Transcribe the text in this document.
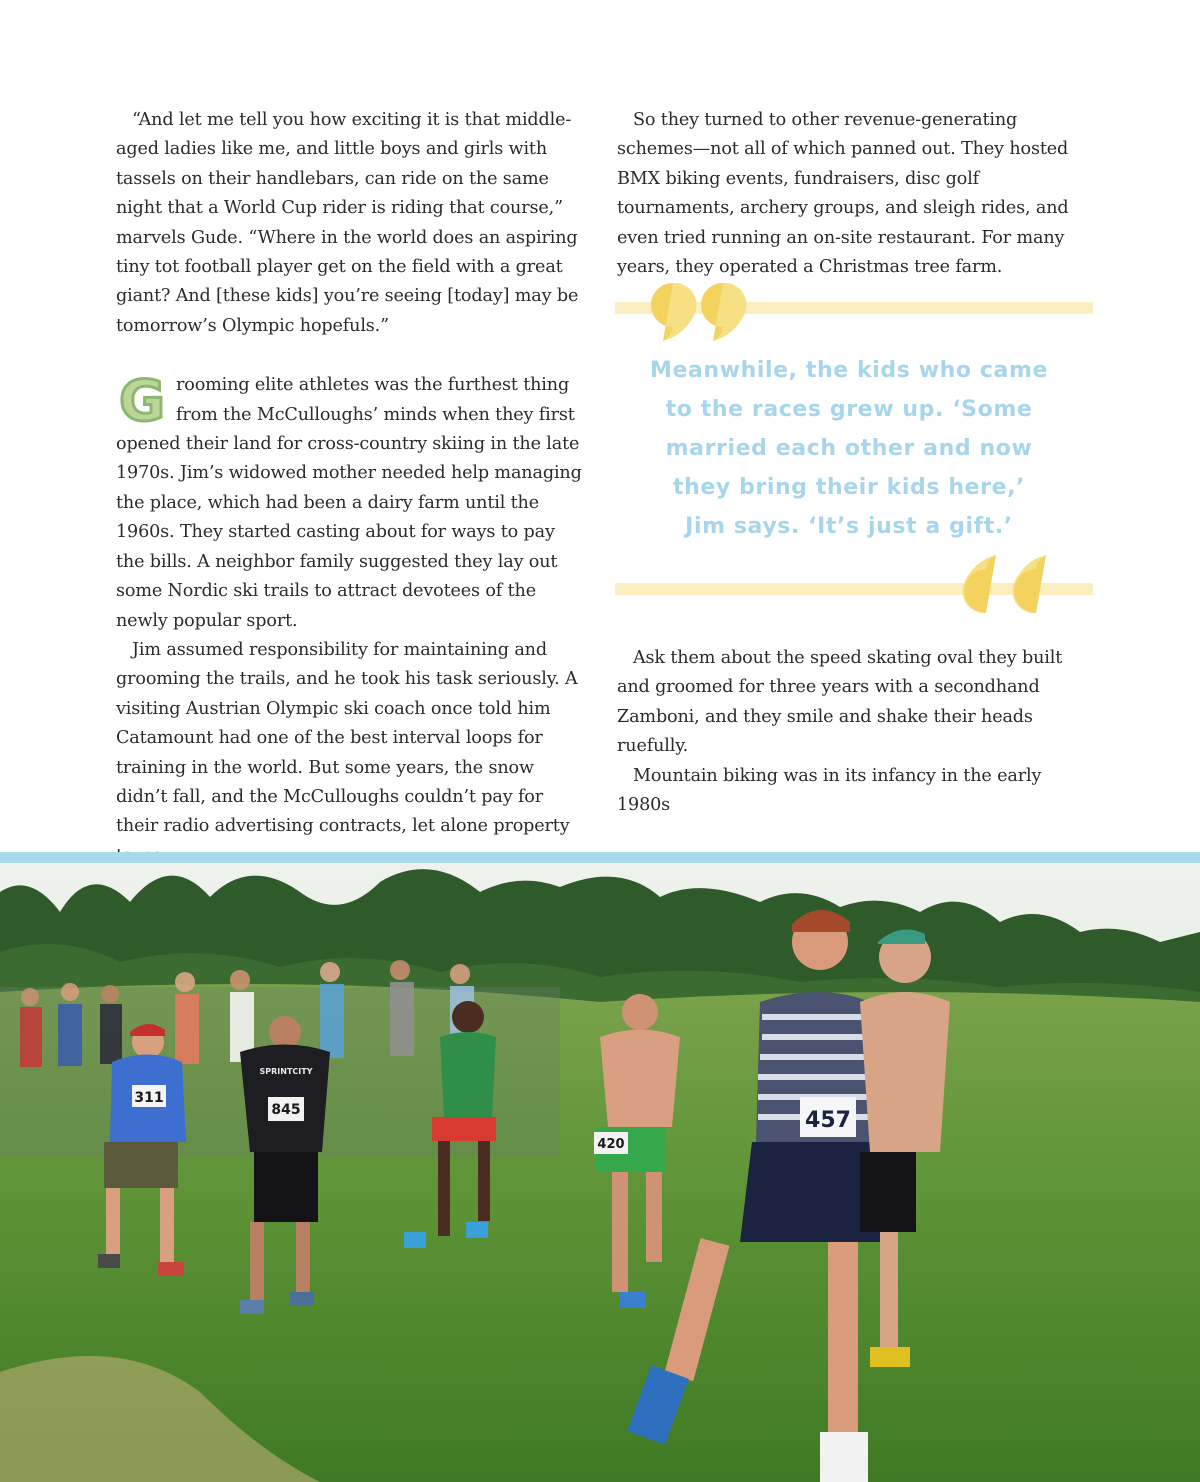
“And let me tell you how exciting it is that middle-aged ladies like me, and little boys and girls with tassels on their handlebars, can ride on the same night that a World Cup rider is riding that course,” marvels Gude. “Where in the world does an aspiring tiny tot football player get on the field with a great giant? And [these kids] you’re seeing [today] may be tomorrow’s Olympic hopefuls.”

Grooming elite athletes was the furthest thing from the McCulloughs’ minds when they first opened their land for cross-country skiing in the late 1970s. Jim’s widowed mother needed help managing the place, which had been a dairy farm until the 1960s. They started casting about for ways to pay the bills. A neighbor family suggested they lay out some Nordic ski trails to attract devotees of the newly popular sport.

Jim assumed responsibility for maintaining and grooming the trails, and he took his task seriously. A visiting Austrian Olympic ski coach once told him Catamount had one of the best interval loops for training in the world. But some years, the snow didn’t fall, and the McCulloughs couldn’t pay for their radio advertising contracts, let alone property

So they turned to other revenue-generating schemes—not all of which panned out. They hosted BMX biking events, fundraisers, disc golf tournaments, archery groups, and sleigh rides, and even tried running an on-site restaurant. For many years, they operated a Christmas tree farm.

Meanwhile, the kids who came
to the races grew up. ‘Some
married each other and now
they bring their kids here,’
Jim says. ‘It’s just a gift.’

Ask them about the speed skating oval they built and groomed for three years with a secondhand Zamboni, and they smile and shake their heads ruefully.

Mountain biking was in its infancy in the early 1980s

311
SPRINTCITY
845
420
457
